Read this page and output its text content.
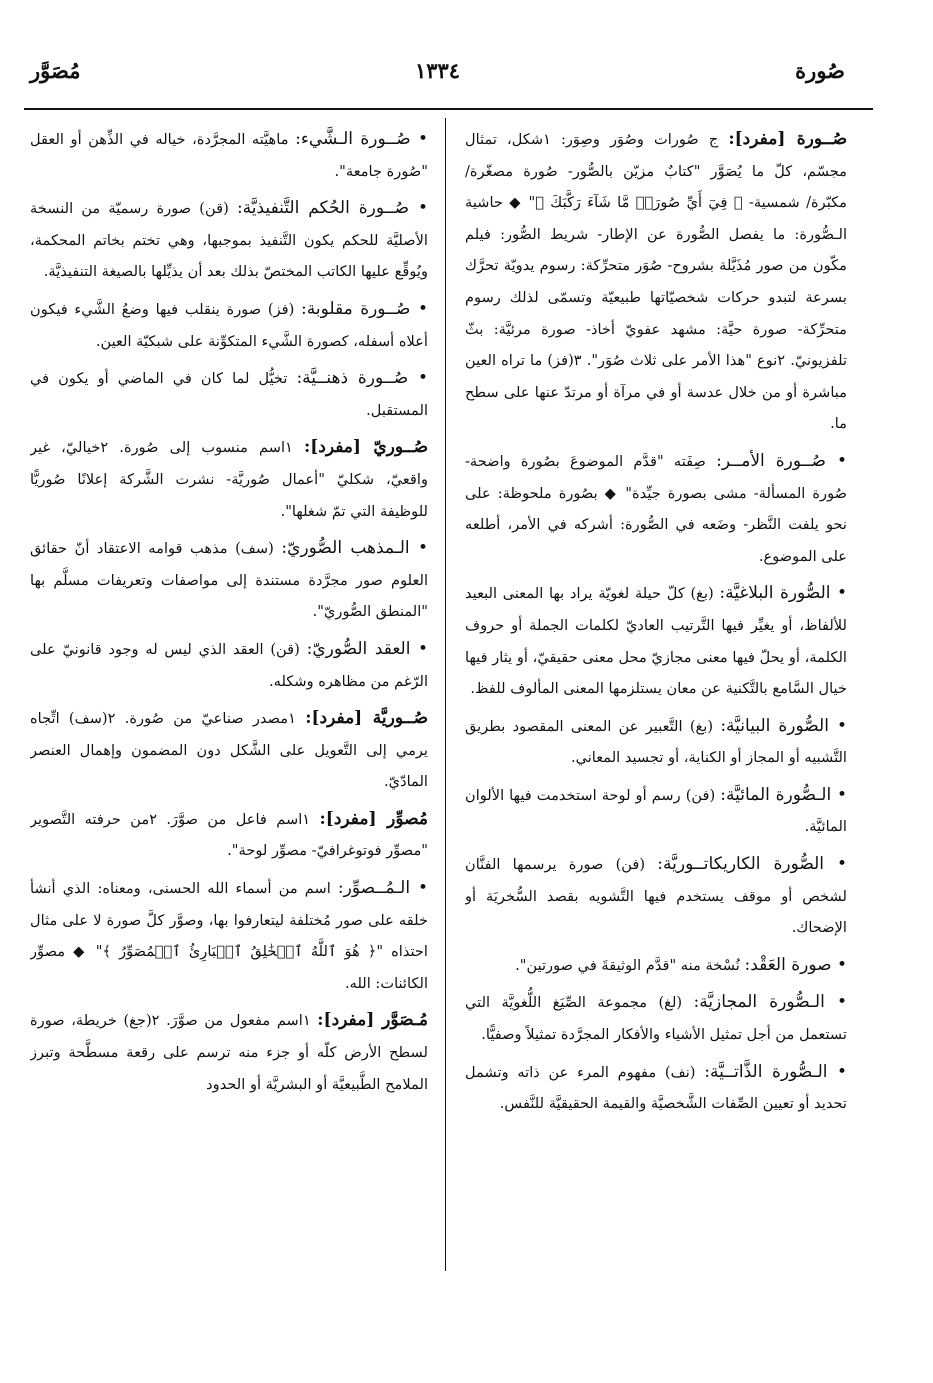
صُورة
١٣٣٤
مُصَوَّر

صُــورة [مفرد]: ج صُورات وصُوَر وصِوَر: ١شكل، تمثال مجسّم، كلّ ما يُصَوَّر "كتابٌ مزيّن بالصُّور- صُورة مصغّرة/ مكبّرة/ شمسية- ﴿ فِيٓ أَيِّ صُورَةٖ مَّا شَآءَ رَكَّبَكَ ﴾" ◆ حاشية الـصُّورة: ما يفصل الصُّورة عن الإطار- شريط الصُّور: فيلم مكّون من صور مُذَيَّلة بشروح- صُوَر متحرِّكة: رسوم يدويّة تحرَّك بسرعة لتبدو حركات شخصيّاتها طبيعيّة وتسمّى لذلك رسوم متحرِّكة- صورة حيَّة: مشهد عفويّ أخاذ- صورة مرئيَّة: بثّ تلفزيونيّ. ٢نوع "هذا الأمر على ثلاث صُوَر". ٣(فز) ما تراه العين مباشرة أو من خلال عدسة أو في مرآة أو مرتدّ عنها على سطح ما.

• صُــورة الأمــر: صِفَته "قدَّم الموضوعَ بصُورة واضحة- صُورة المسألة- مشى بصورة جيِّدة" ◆ بصُورة ملحوظة: على نحو يلفت النَّظر- وضَعه في الصُّورة: أشركه في الأمر، أطلعه على الموضوع.

• الصُّورة البلاغيَّة: (بغ) كلّ حيلة لغويّة يراد بها المعنى البعيد للألفاظ، أو يغيِّر فيها التَّرتيب العاديّ لكلمات الجملة أو حروف الكلمة، أو يحلّ فيها معنى مجازيّ محل معنى حقيقيّ، أو يثار فيها خيال السَّامع بالتَّكنية عن معان يستلزمها المعنى المألوف للفظ.

• الصُّورة البيانيَّة: (بغ) التَّعبير عن المعنى المقصود بطريق التَّشبيه أو المجاز أو الكناية، أو تجسيد المعاني.

• الـصُّورة المائيَّة: (فن) رسم أو لوحة استخدمت فيها الألوان المائيَّة.

• الصُّورة الكاريكاتــوريَّة: (فن) صورة يرسمها الفنَّان لشخص أو موقف يستخدم فيها التَّشويه بقصد السُّخريَة أو الإضحاك.

• صورة العَقْد: نُسْخة منه "قدَّم الوثيقةَ في صورتين".

• الـصُّورة المجازيَّة: (لغ) مجموعة الصِّيَغ اللُّغويَّة التي تستعمل من أجل تمثيل الأشياء والأفكار المجرَّدة تمثيلاً وصفيًّا.

• الـصُّورة الذَّاتــيَّة: (نف) مفهوم المرء عن ذاته وتشمل تحديد أو تعيين الصِّفات الشَّخصيَّة والقيمة الحقيقيَّة للنَّفس.

• صُــورة الـشَّيء: ماهيَّته المجرَّدة، خياله في الذِّهن أو العقل "صُورة جامعة".

• صُــورة الحُكم التَّنفيذيَّة: (قن) صورة رسميّة من النسخة الأصليَّة للحكم يكون التَّنفيذ بموجبها، وهي تختم بخاتم المحكمة، ويُوقِّع عليها الكاتب المختصّ بذلك بعد أن يذيِّلها بالصيغة التنفيذيَّة.

• صُــورة مقلوبة: (فز) صورة ينقلب فيها وضعُ الشَّيء فيكون أعلاه أسفله، كصورة الشَّيء المتكوِّنة على شبكيّة العين.

• صُــورة ذهنــيَّة: تخيُّل لما كان في الماضي أو يكون في المستقبل.

صُــوريّ [مفرد]: ١اسم منسوب إلى صُورة. ٢خياليّ، غير واقعيّ، شكليّ "أعمال صُوريَّة- نشرت الشَّركة إعلانًا صُوريًّا للوظيفة التي تمّ شغلها".

• الـمذهب الصُّوريّ: (سف) مذهب قوامه الاعتقاد أنّ حقائق العلوم صور مجرَّدة مستندة إلى مواصفات وتعريفات مسلَّم بها "المنطق الصُّوريّ".

• العقد الصُّوريّ: (قن) العقد الذي ليس له وجود قانونيّ على الرّغم من مظاهره وشكله.

صُــوريَّة [مفرد]: ١مصدر صناعيّ من صُورة. ٢(سف) اتِّجاه يرمي إلى التَّعويل على الشَّكل دون المضمون وإهمال العنصر المادّيّ.

مُصوِّر [مفرد]: ١اسم فاعل من صوَّرَ. ٢من حرفته التَّصوير "مصوِّر فوتوغرافيّ- مصوِّر لوحة".

• الـمُــصوِّر: اسم من أسماء الله الحسنى، ومعناه: الذي أنشأ خلقه على صور مُختلفة ليتعارفوا بها، وصوَّر كلَّ صورة لا على مثال احتذاه "﴿ هُوَ ٱللَّهُ ٱلۡخَٰلِقُ ٱلۡبَارِئُ ٱلۡمُصَوِّرُ ﴾" ◆ مصوِّر الكائنات: الله.

مُـصَوَّر [مفرد]: ١اسم مفعول من صوَّرَ. ٢(جغ) خريطة، صورة لسطح الأرض كلّه أو جزء منه ترسم على رقعة مسطَّحة وتبرز الملامح الطَّبيعيَّة أو البشريَّة أو الحدود
